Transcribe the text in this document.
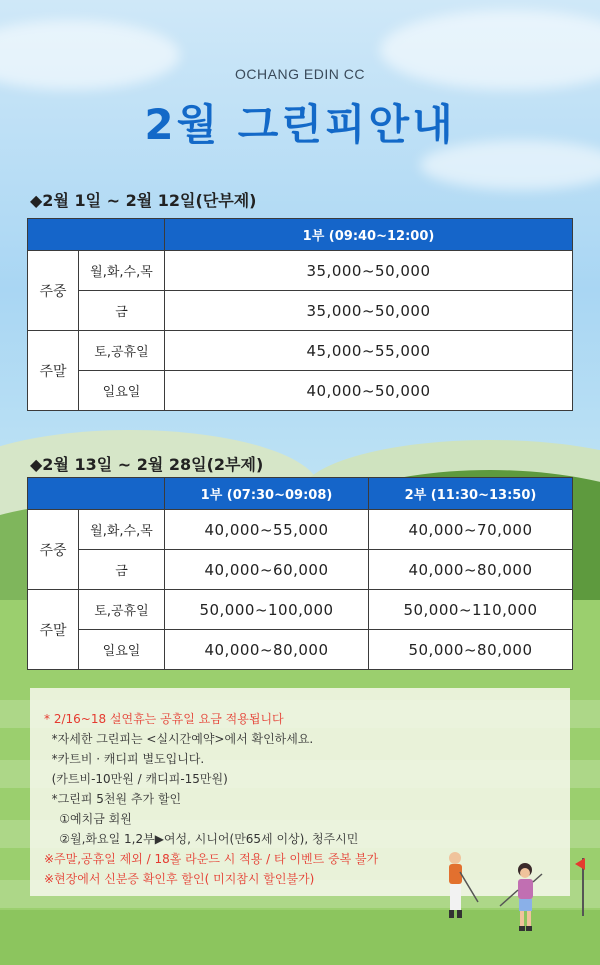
OCHANG EDIN CC
2월 그린피안내
◆2월 1일 ~ 2월 12일(단부제)
		1부 (09:40~12:00)
주중	월,화,수,목	35,000~50,000
	금	35,000~50,000
주말	토,공휴일	45,000~55,000
	일요일	40,000~50,000
◆2월 13일 ~ 2월 28일(2부제)
		1부 (07:30~09:08)	2부 (11:30~13:50)
주중	월,화,수,목	40,000~55,000	40,000~70,000
	금	40,000~60,000	40,000~80,000
주말	토,공휴일	50,000~100,000	50,000~110,000
	일요일	40,000~80,000	50,000~80,000
* 2/16~18 설연휴는 공휴일 요금 적용됩니다
*자세한 그린피는 <실시간예약>에서 확인하세요.
*카트비 · 캐디피 별도입니다.
(카트비-10만원 / 캐디피-15만원)
*그린피 5천원 추가 할인
①예치금 회원
②월,화요일 1,2부▶여성, 시니어(만65세 이상), 청주시민
※주말,공휴일 제외 / 18홀 라운드 시 적용 / 타 이벤트 중복 불가
※현장에서 신분증 확인후 할인( 미지참시 할인불가)
